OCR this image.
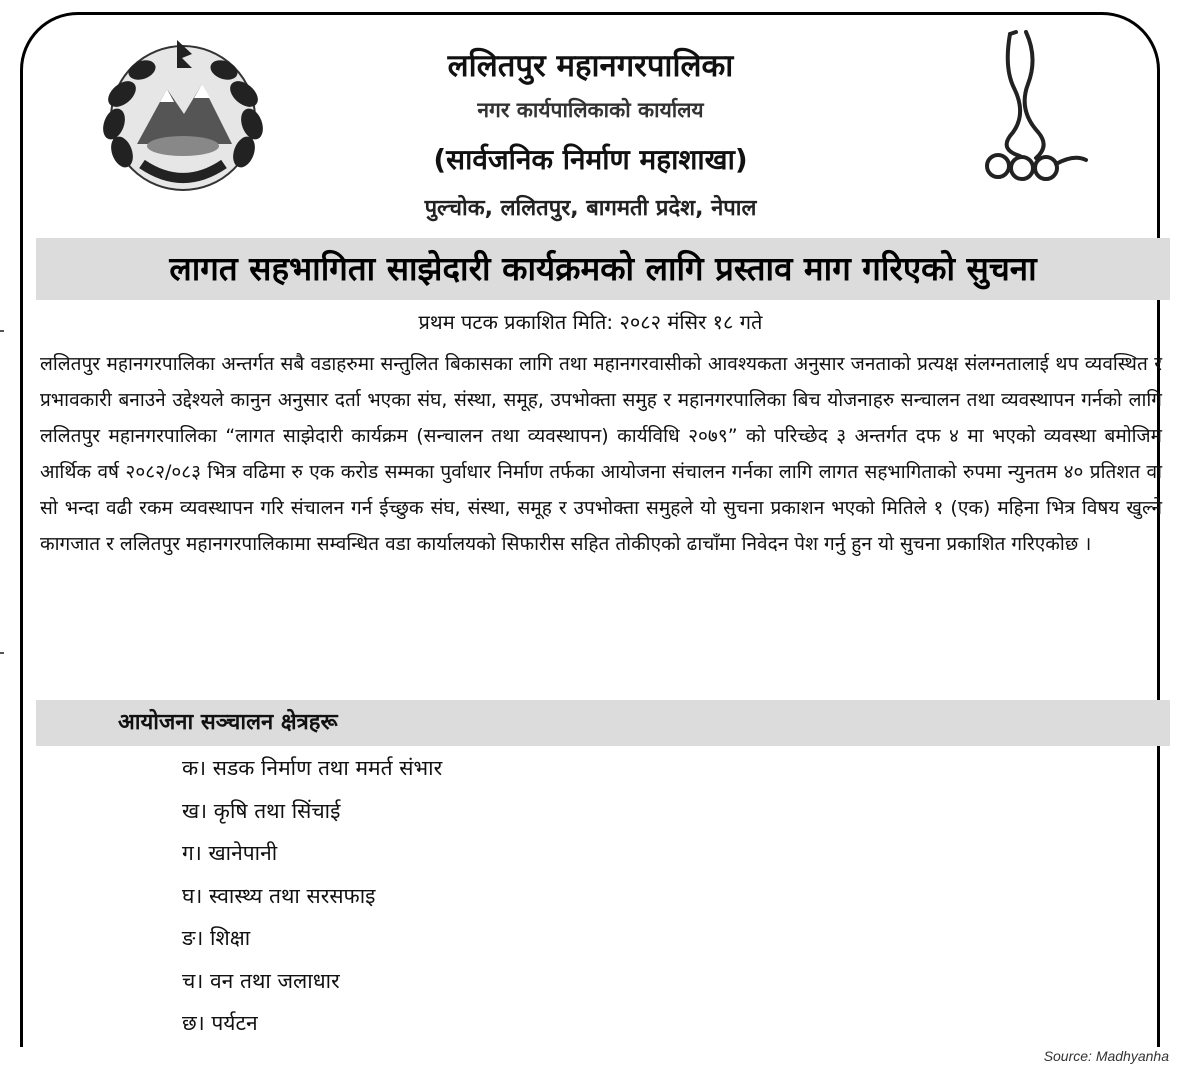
ललितपुर महानगरपालिका
नगर कार्यपालिकाको कार्यालय
(सार्वजनिक निर्माण महाशाखा)
पुल्चोक, ललितपुर, बागमती प्रदेश, नेपाल
लागत सहभागिता साझेदारी कार्यक्रमको लागि प्रस्ताव माग गरिएको सुचना
प्रथम पटक प्रकाशित मिति: २०८२ मंसिर १८ गते
ललितपुर महानगरपालिका अन्तर्गत सबै वडाहरुमा सन्तुलित बिकासका लागि तथा महानगरवासीको आवश्यकता अनुसार जनताको प्रत्यक्ष संलग्नतालाई थप व्यवस्थित र प्रभावकारी बनाउने उद्देश्यले कानुन अनुसार दर्ता भएका संघ, संस्था, समूह, उपभोक्ता समुह र महानगरपालिका बिच योजनाहरु सन्चालन तथा व्यवस्थापन गर्नको लागि ललितपुर महानगरपालिका “लागत साझेदारी कार्यक्रम (सन्चालन तथा व्यवस्थापन) कार्यविधि २०७९” को परिच्छेद ३ अन्तर्गत दफ ४ मा भएको व्यवस्था बमोजिम आर्थिक वर्ष २०८२/०८३ भित्र वढिमा रु एक करोड सम्मका पुर्वाधार निर्माण तर्फका आयोजना संचालन गर्नका लागि लागत सहभागिताको रुपमा न्युनतम ४० प्रतिशत वा सो भन्दा वढी रकम व्यवस्थापन गरि संचालन गर्न ईच्छुक संघ, संस्था, समूह र उपभोक्ता समुहले यो सुचना प्रकाशन भएको मितिले १ (एक) महिना भित्र विषय खुल्ने कागजात र ललितपुर महानगरपालिकामा सम्वन्धित वडा कार्यालयको सिफारीस सहित तोकीएको ढाचाँमा निवेदन पेश गर्नु हुन यो सुचना प्रकाशित गरिएकोछ ।
आयोजना सञ्चालन क्षेत्रहरू
क। सडक निर्माण तथा ममर्त संभार
ख। कृषि तथा सिंचाई
ग। खानेपानी
घ। स्वास्थ्य तथा सरसफाइ
ङ। शिक्षा
च। वन तथा जलाधार
छ। पर्यटन
Source: Madhyanha
